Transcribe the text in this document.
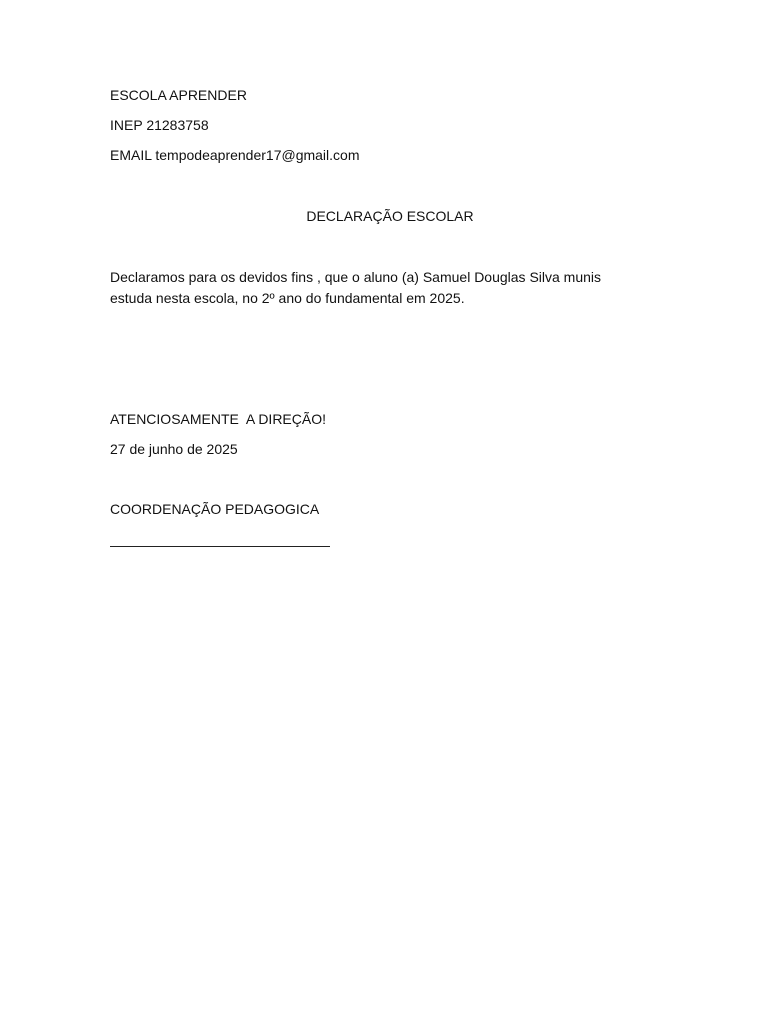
ESCOLA APRENDER

INEP 21283758

EMAIL tempodeaprender17@gmail.com

DECLARAÇÃO ESCOLAR

Declaramos para os devidos fins , que o aluno (a) Samuel Douglas Silva munis
estuda nesta escola, no 2º ano do fundamental em 2025.

ATENCIOSAMENTE  A DIREÇÃO!

27 de junho de 2025

COORDENAÇÃO PEDAGOGICA
